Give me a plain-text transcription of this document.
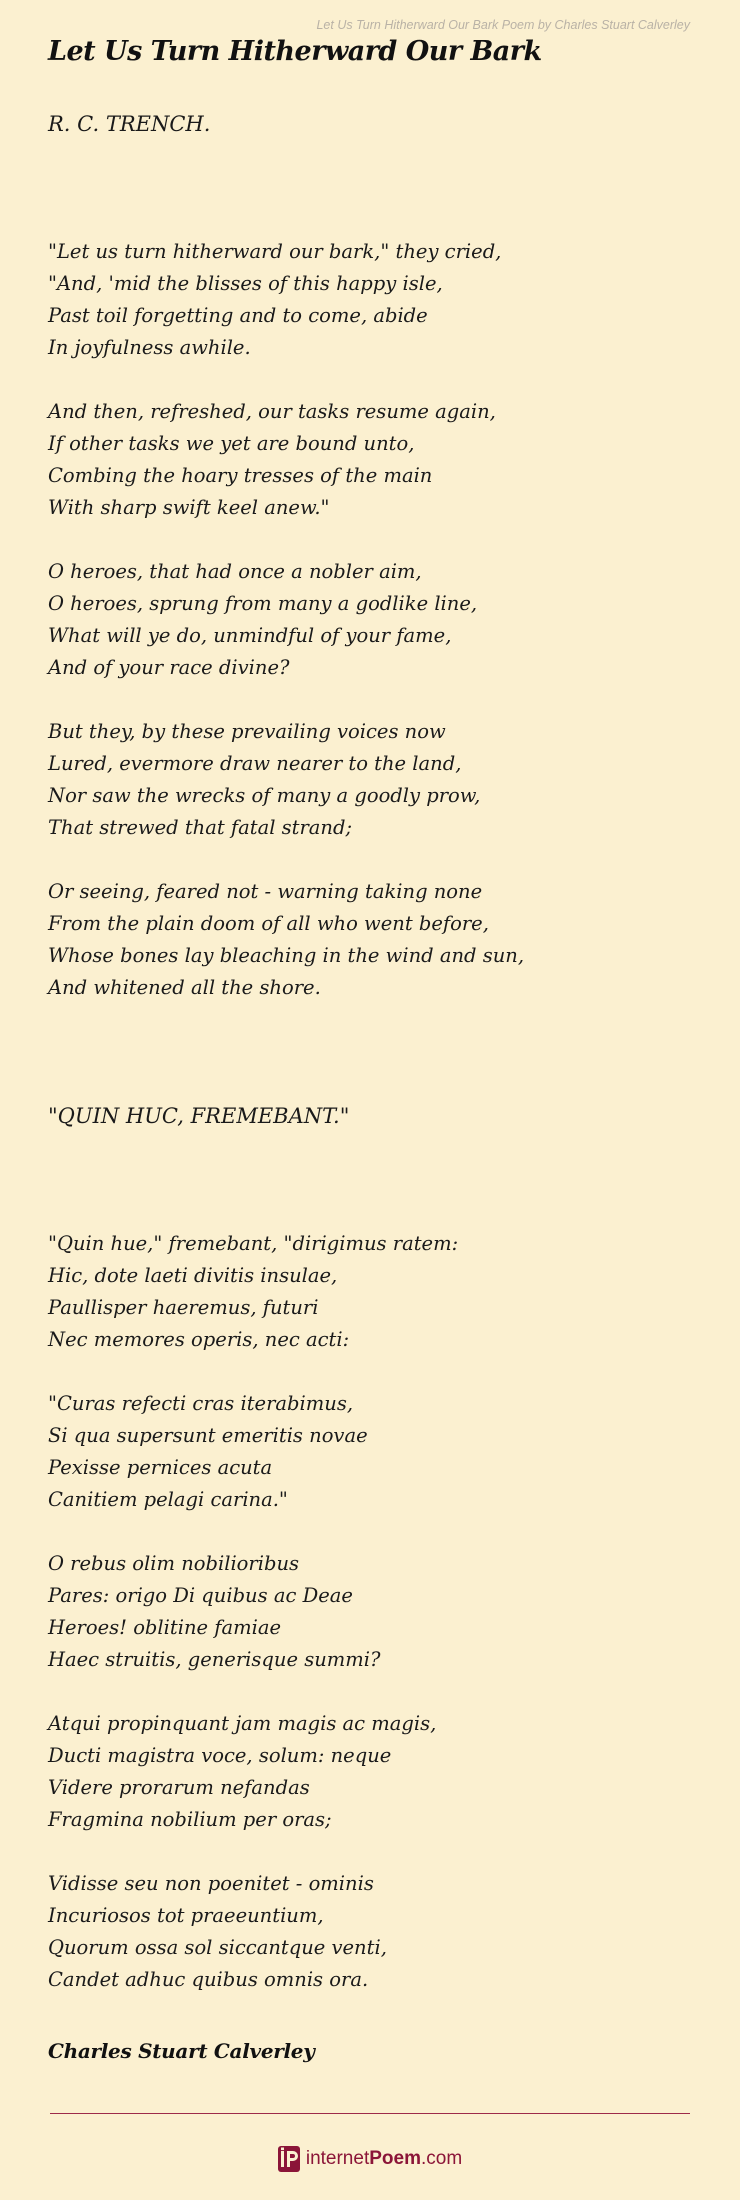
Let Us Turn Hitherward Our Bark Poem by Charles Stuart Calverley
Let Us Turn Hitherward Our Bark
R. C. TRENCH.
"Let us turn hitherward our bark," they cried,
"And, 'mid the blisses of this happy isle,
Past toil forgetting and to come, abide
In joyfulness awhile.
And then, refreshed, our tasks resume again,
If other tasks we yet are bound unto,
Combing the hoary tresses of the main
With sharp swift keel anew."
O heroes, that had once a nobler aim,
O heroes, sprung from many a godlike line,
What will ye do, unmindful of your fame,
And of your race divine?
But they, by these prevailing voices now
Lured, evermore draw nearer to the land,
Nor saw the wrecks of many a goodly prow,
That strewed that fatal strand;
Or seeing, feared not - warning taking none
From the plain doom of all who went before,
Whose bones lay bleaching in the wind and sun,
And whitened all the shore.
"QUIN HUC, FREMEBANT."
"Quin hue," fremebant, "dirigimus ratem:
Hic, dote laeti divitis insulae,
Paullisper haeremus, futuri
Nec memores operis, nec acti:
"Curas refecti cras iterabimus,
Si qua supersunt emeritis novae
Pexisse pernices acuta
Canitiem pelagi carina."
O rebus olim nobilioribus
Pares: origo Di quibus ac Deae
Heroes! oblitine famiae
Haec struitis, generisque summi?
Atqui propinquant jam magis ac magis,
Ducti magistra voce, solum: neque
Videre prorarum nefandas
Fragmina nobilium per oras;
Vidisse seu non poenitet - ominis
Incuriosos tot praeeuntium,
Quorum ossa sol siccantque venti,
Candet adhuc quibus omnis ora.
Charles Stuart Calverley
internet Poem .com
